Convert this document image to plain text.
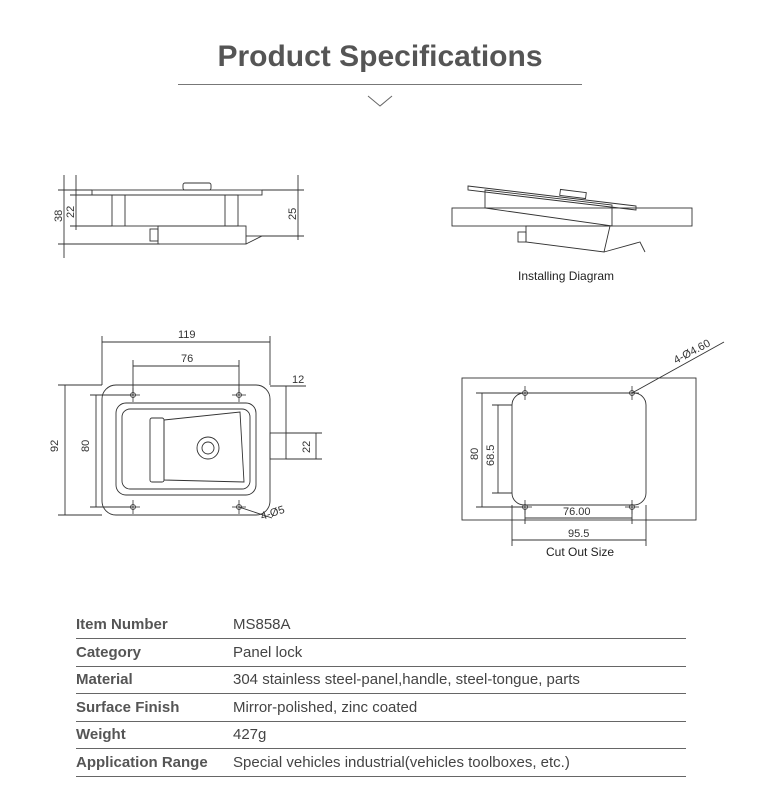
Product Specifications
38 22	25
119
76
12
92 80	22
4-Ø5
4-Ø4.60
80 68.5
76.00
95.5
Installing Diagram
Cut Out Size
Item Number	MS858A
Category	Panel lock
Material	304 stainless steel-panel,handle, steel-tongue, parts
Surface Finish	Mirror-polished, zinc coated
Weight	427g
Application Range	Special vehicles industrial(vehicles toolboxes, etc.)
